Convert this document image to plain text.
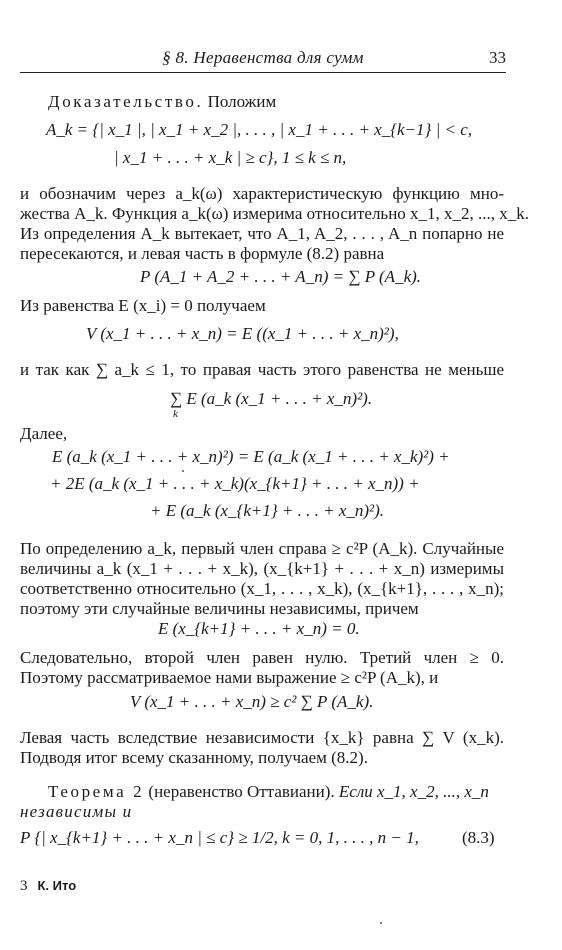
§ 8. Неравенства для сумм	33
Доказательство. Положим
A_k = {| x_1 |, | x_1 + x_2 |, . . . , | x_1 + . . . + x_{k−1} | < c,
| x_1 + . . . + x_k | ≥ c}, 1 ≤ k ≤ n,
и обозначим через a_k(ω) характеристическую функцию мно-
жества A_k. Функция a_k(ω) измерима относительно x_1, x_2, ..., x_k.
Из определения A_k вытекает, что A_1, A_2, . . . , A_n попарно не
пересекаются, и левая часть в формуле (8.2) равна
P (A_1 + A_2 + . . . + A_n) = ∑ P (A_k).
Из равенства E (x_i) = 0 получаем
V (x_1 + . . . + x_n) = E ((x_1 + . . . + x_n)²),
и так как ∑ a_k ≤ 1, то правая часть этого равенства не меньше
∑ E (a_k (x_1 + . . . + x_n)²).
k
Далее,
E (a_k (x_1 + . . . + x_n)²) = E (a_k (x_1 + . . . + x_k)²) +
+ 2E (a_k (x_1 + . . . + x_k)(x_{k+1} + . . . + x_n)) +
+ E (a_k (x_{k+1} + . . . + x_n)²).
По определению a_k, первый член справа ≥ c²P (A_k). Случайные
величины a_k (x_1 + . . . + x_k), (x_{k+1} + . . . + x_n) измеримы
соответственно относительно (x_1, . . . , x_k), (x_{k+1}, . . . , x_n);
поэтому эти случайные величины независимы, причем
E (x_{k+1} + . . . + x_n) = 0.
Следовательно, второй член равен нулю. Третий член ≥ 0.
Поэтому рассматриваемое нами выражение ≥ c²P (A_k), и
V (x_1 + . . . + x_n) ≥ c² ∑ P (A_k).
Левая часть вследствие независимости {x_k} равна ∑ V (x_k).
Подводя итог всему сказанному, получаем (8.2).
Теорема 2 (неравенство Оттавиани). Если x_1, x_2, ..., x_n
независимы и
P {| x_{k+1} + . . . + x_n | ≤ c} ≥ 1/2, k = 0, 1, . . . , n − 1,	(8.3)
3 К. Ито
